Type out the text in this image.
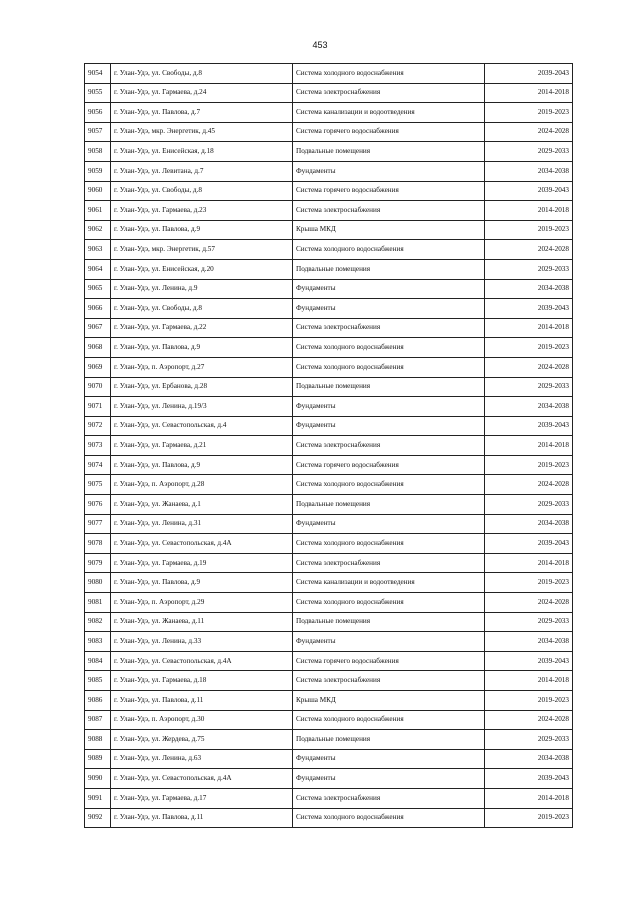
453
9054	г. Улан-Удэ, ул. Свободы, д.8	Система холодного водоснабжения	2039-2043
9055	г. Улан-Удэ, ул. Гармаева, д.24	Система электроснабжения	2014-2018
9056	г. Улан-Удэ, ул. Павлова, д.7	Система канализации и водоотведения	2019-2023
9057	г. Улан-Удэ, мкр. Энергетик, д.45	Система горячего водоснабжения	2024-2028
9058	г. Улан-Удэ, ул. Енисейская, д.18	Подвальные помещения	2029-2033
9059	г. Улан-Удэ, ул. Левитана, д.7	Фундаменты	2034-2038
9060	г. Улан-Удэ, ул. Свободы, д.8	Система горячего водоснабжения	2039-2043
9061	г. Улан-Удэ, ул. Гармаева, д.23	Система электроснабжения	2014-2018
9062	г. Улан-Удэ, ул. Павлова, д.9	Крыша МКД	2019-2023
9063	г. Улан-Удэ, мкр. Энергетик, д.57	Система холодного водоснабжения	2024-2028
9064	г. Улан-Удэ, ул. Енисейская, д.20	Подвальные помещения	2029-2033
9065	г. Улан-Удэ, ул. Ленина, д.9	Фундаменты	2034-2038
9066	г. Улан-Удэ, ул. Свободы, д.8	Фундаменты	2039-2043
9067	г. Улан-Удэ, ул. Гармаева, д.22	Система электроснабжения	2014-2018
9068	г. Улан-Удэ, ул. Павлова, д.9	Система холодного водоснабжения	2019-2023
9069	г. Улан-Удэ, п. Аэропорт, д.27	Система холодного водоснабжения	2024-2028
9070	г. Улан-Удэ, ул. Ербанова, д.28	Подвальные помещения	2029-2033
9071	г. Улан-Удэ, ул. Ленина, д.19/3	Фундаменты	2034-2038
9072	г. Улан-Удэ, ул. Севастопольская, д.4	Фундаменты	2039-2043
9073	г. Улан-Удэ, ул. Гармаева, д.21	Система электроснабжения	2014-2018
9074	г. Улан-Удэ, ул. Павлова, д.9	Система горячего водоснабжения	2019-2023
9075	г. Улан-Удэ, п. Аэропорт, д.28	Система холодного водоснабжения	2024-2028
9076	г. Улан-Удэ, ул. Жанаева, д.1	Подвальные помещения	2029-2033
9077	г. Улан-Удэ, ул. Ленина, д.31	Фундаменты	2034-2038
9078	г. Улан-Удэ, ул. Севастопольская, д.4А	Система холодного водоснабжения	2039-2043
9079	г. Улан-Удэ, ул. Гармаева, д.19	Система электроснабжения	2014-2018
9080	г. Улан-Удэ, ул. Павлова, д.9	Система канализации и водоотведения	2019-2023
9081	г. Улан-Удэ, п. Аэропорт, д.29	Система холодного водоснабжения	2024-2028
9082	г. Улан-Удэ, ул. Жанаева, д.11	Подвальные помещения	2029-2033
9083	г. Улан-Удэ, ул. Ленина, д.33	Фундаменты	2034-2038
9084	г. Улан-Удэ, ул. Севастопольская, д.4А	Система горячего водоснабжения	2039-2043
9085	г. Улан-Удэ, ул. Гармаева, д.18	Система электроснабжения	2014-2018
9086	г. Улан-Удэ, ул. Павлова, д.11	Крыша МКД	2019-2023
9087	г. Улан-Удэ, п. Аэропорт, д.30	Система холодного водоснабжения	2024-2028
9088	г. Улан-Удэ, ул. Жердева, д.75	Подвальные помещения	2029-2033
9089	г. Улан-Удэ, ул. Ленина, д.63	Фундаменты	2034-2038
9090	г. Улан-Удэ, ул. Севастопольская, д.4А	Фундаменты	2039-2043
9091	г. Улан-Удэ, ул. Гармаева, д.17	Система электроснабжения	2014-2018
9092	г. Улан-Удэ, ул. Павлова, д.11	Система холодного водоснабжения	2019-2023
